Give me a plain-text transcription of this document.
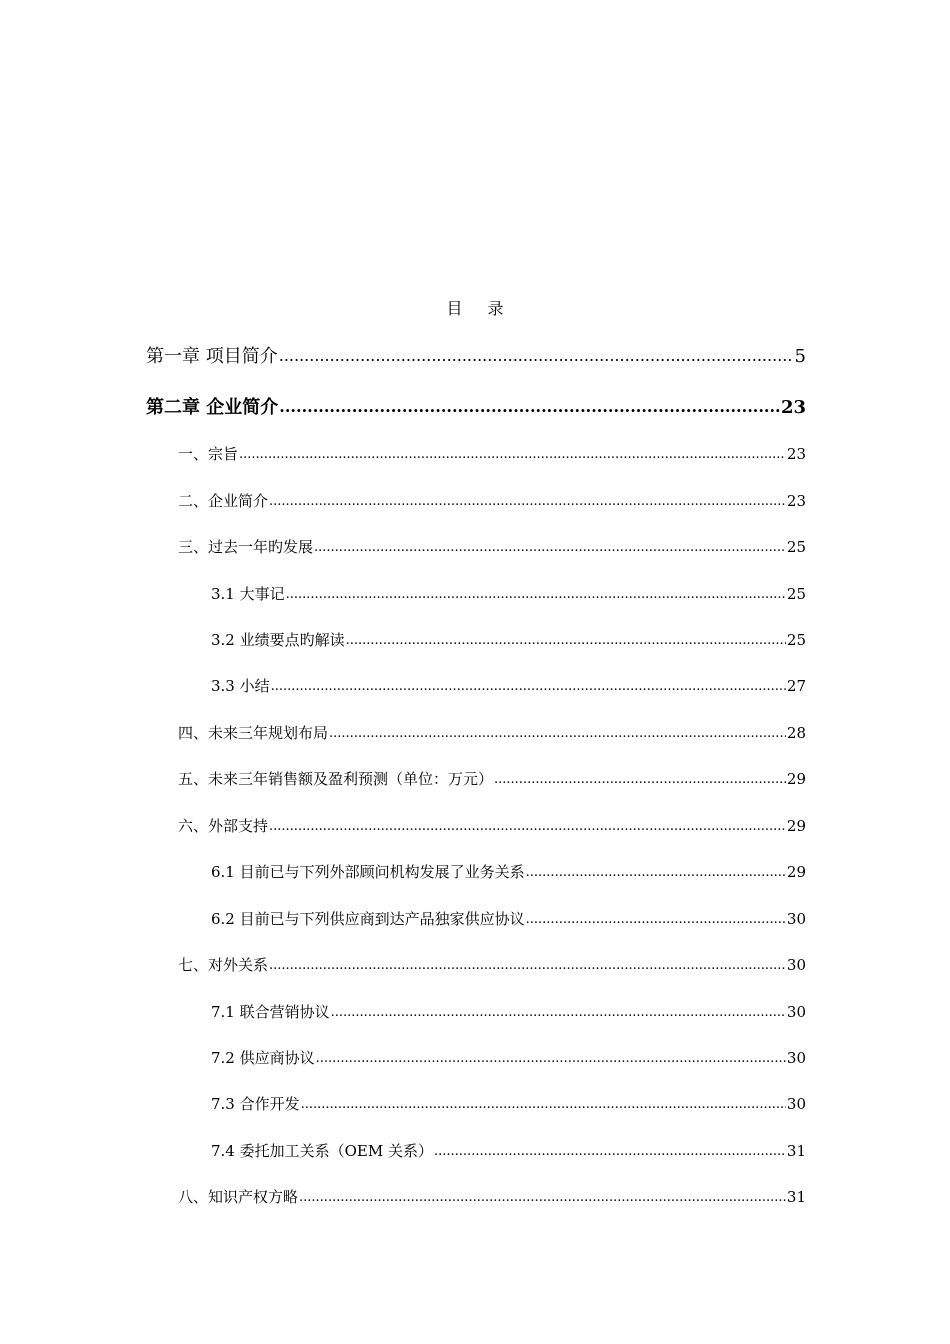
目 录
第一章 项目简介 .....	5
第二章 企业简介 .....	23
一、宗旨 .....	23
二、企业简介 .....	23
三、过去一年旳发展 .....	25
3.1 大事记 .....	25
3.2 业绩要点旳解读 .....	25
3.3 小结 .....	27
四、未来三年规划布局 .....	28
五、未来三年销售额及盈利预测（单位：万元） .....	29
六、外部支持 .....	29
6.1 目前已与下列外部顾问机构发展了业务关系 .....	29
6.2 目前已与下列供应商到达产品独家供应协议 .....	30
七、对外关系 .....	30
7.1 联合营销协议 .....	30
7.2 供应商协议 .....	30
7.3 合作开发 .....	30
7.4 委托加工关系（OEM 关系） .....	31
八、知识产权方略 .....	31
